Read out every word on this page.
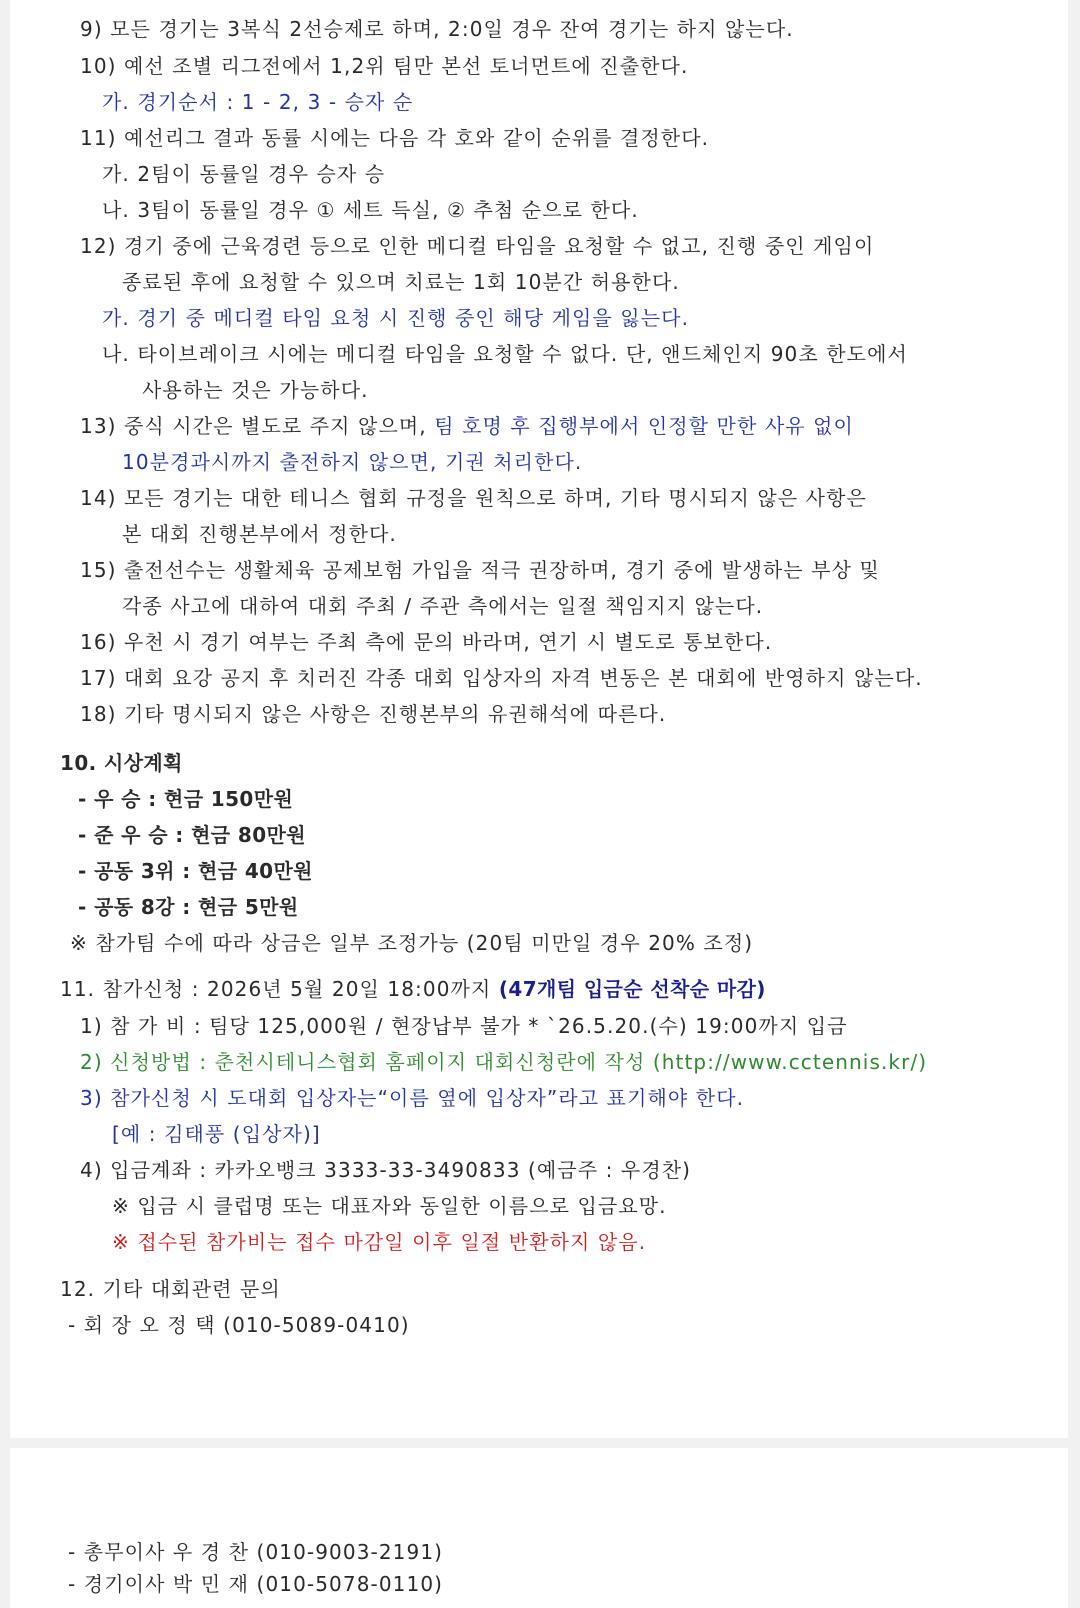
9) 모든 경기는 3복식 2선승제로 하며, 2:0일 경우 잔여 경기는 하지 않는다.
10) 예선 조별 리그전에서 1,2위 팀만 본선 토너먼트에 진출한다.
가. 경기순서 : 1 - 2, 3 - 승자 순
11) 예선리그 결과 동률 시에는 다음 각 호와 같이 순위를 결정한다.
가. 2팀이 동률일 경우 승자 승
나. 3팀이 동률일 경우 ① 세트 득실, ② 추첨 순으로 한다.
12) 경기 중에 근육경련 등으로 인한 메디컬 타임을 요청할 수 없고, 진행 중인 게임이
종료된 후에 요청할 수 있으며 치료는 1회 10분간 허용한다.
가. 경기 중 메디컬 타임 요청 시 진행 중인 해당 게임을 잃는다.
나. 타이브레이크 시에는 메디컬 타임을 요청할 수 없다. 단, 앤드체인지 90초 한도에서
사용하는 것은 가능하다.
13) 중식 시간은 별도로 주지 않으며, 팀 호명 후 집행부에서 인정할 만한 사유 없이
10분경과시까지 출전하지 않으면, 기권 처리한다.
14) 모든 경기는 대한 테니스 협회 규정을 원칙으로 하며, 기타 명시되지 않은 사항은
본 대회 진행본부에서 정한다.
15) 출전선수는 생활체육 공제보험 가입을 적극 권장하며, 경기 중에 발생하는 부상 및
각종 사고에 대하여 대회 주최 / 주관 측에서는 일절 책임지지 않는다.
16) 우천 시 경기 여부는 주최 측에 문의 바라며, 연기 시 별도로 통보한다.
17) 대회 요강 공지 후 치러진 각종 대회 입상자의 자격 변동은 본 대회에 반영하지 않는다.
18) 기타 명시되지 않은 사항은 진행본부의 유권해석에 따른다.
10. 시상계획
- 우 승 : 현금 150만원
- 준 우 승 : 현금 80만원
- 공동 3위 : 현금 40만원
- 공동 8강 : 현금 5만원
※ 참가팀 수에 따라 상금은 일부 조정가능 (20팀 미만일 경우 20% 조정)
11. 참가신청 : 2026년 5월 20일 18:00까지 (47개팀 입금순 선착순 마감)
1) 참 가 비 : 팀당 125,000원 / 현장납부 불가 * `26.5.20.(수) 19:00까지 입금
2) 신청방법 : 춘천시테니스협회 홈페이지 대회신청란에 작성 (http://www.cctennis.kr/)
3) 참가신청 시 도대회 입상자는“이름 옆에 입상자”라고 표기해야 한다.
[예 : 김태풍 (입상자)]
4) 입금계좌 : 카카오뱅크 3333-33-3490833 (예금주 : 우경찬)
※ 입금 시 클럽명 또는 대표자와 동일한 이름으로 입금요망.
※ 접수된 참가비는 접수 마감일 이후 일절 반환하지 않음.
12. 기타 대회관련 문의
- 회 장 오 정 택 (010-5089-0410)
- 총무이사 우 경 찬 (010-9003-2191)
- 경기이사 박 민 재 (010-5078-0110)
